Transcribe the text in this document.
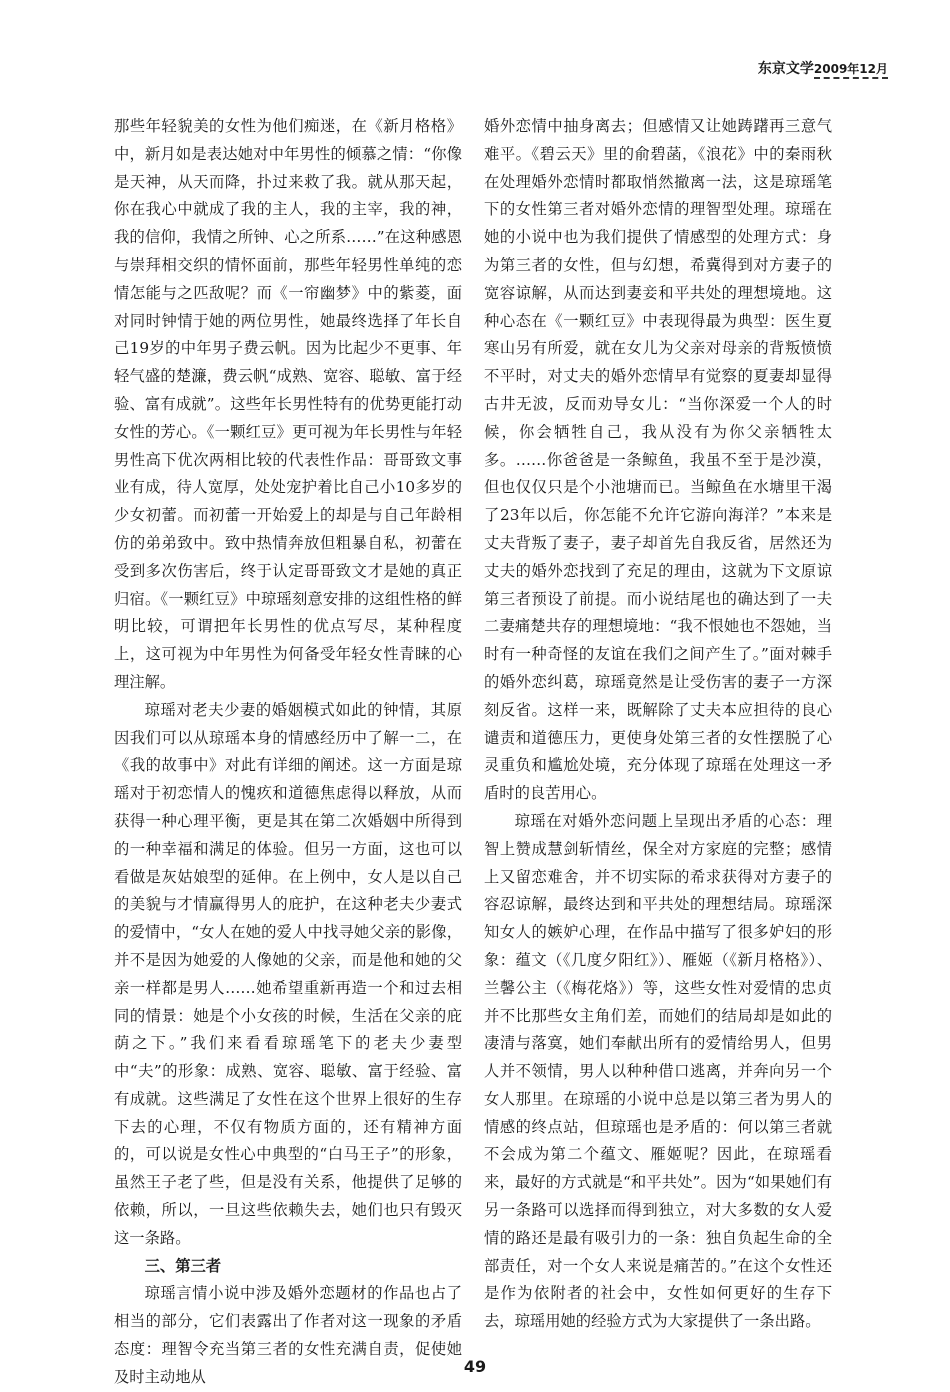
东京文学2009年12月

那些年轻貌美的女性为他们痴迷，在《新月格格》中，新月如是表达她对中年男性的倾慕之情：“你像是天神，从天而降，扑过来救了我。就从那天起，你在我心中就成了我的主人，我的主宰，我的神，我的信仰，我情之所钟、心之所系……”在这种感恩与崇拜相交织的情怀面前，那些年轻男性单纯的恋情怎能与之匹敌呢？而《一帘幽梦》中的紫菱，面对同时钟情于她的两位男性，她最终选择了年长自己19岁的中年男子费云帆。因为比起少不更事、年轻气盛的楚濂，费云帆“成熟、宽容、聪敏、富于经验、富有成就”。这些年长男性特有的优势更能打动女性的芳心。《一颗红豆》更可视为年长男性与年轻男性高下优次两相比较的代表性作品：哥哥致文事业有成，待人宽厚，处处宠护着比自己小10多岁的少女初蕾。而初蕾一开始爱上的却是与自己年龄相仿的弟弟致中。致中热情奔放但粗暴自私，初蕾在受到多次伤害后，终于认定哥哥致文才是她的真正归宿。《一颗红豆》中琼瑶刻意安排的这组性格的鲜明比较，可谓把年长男性的优点写尽，某种程度上，这可视为中年男性为何备受年轻女性青睐的心理注解。

琼瑶对老夫少妻的婚姻模式如此的钟情，其原因我们可以从琼瑶本身的情感经历中了解一二，在《我的故事中》对此有详细的阐述。这一方面是琼瑶对于初恋情人的愧疚和道德焦虑得以释放，从而获得一种心理平衡，更是其在第二次婚姻中所得到的一种幸福和满足的体验。但另一方面，这也可以看做是灰姑娘型的延伸。在上例中，女人是以自己的美貌与才情赢得男人的庇护，在这种老夫少妻式的爱情中，“女人在她的爱人中找寻她父亲的影像，并不是因为她爱的人像她的父亲，而是他和她的父亲一样都是男人……她希望重新再造一个和过去相同的情景：她是个小女孩的时候，生活在父亲的庇荫之下。”我们来看看琼瑶笔下的老夫少妻型中“夫”的形象：成熟、宽容、聪敏、富于经验、富有成就。这些满足了女性在这个世界上很好的生存下去的心理，不仅有物质方面的，还有精神方面的，可以说是女性心中典型的“白马王子”的形象，虽然王子老了些，但是没有关系，他提供了足够的依赖，所以，一旦这些依赖失去，她们也只有毁灭这一条路。

三、第三者

琼瑶言情小说中涉及婚外恋题材的作品也占了相当的部分，它们表露出了作者对这一现象的矛盾态度：理智令充当第三者的女性充满自责，促使她及时主动地从

婚外恋情中抽身离去；但感情又让她踌躇再三意气难平。《碧云天》里的俞碧菡，《浪花》中的秦雨秋在处理婚外恋情时都取悄然撤离一法，这是琼瑶笔下的女性第三者对婚外恋情的理智型处理。琼瑶在她的小说中也为我们提供了情感型的处理方式：身为第三者的女性，但与幻想，希冀得到对方妻子的宽容谅解，从而达到妻妾和平共处的理想境地。这种心态在《一颗红豆》中表现得最为典型：医生夏寒山另有所爱，就在女儿为父亲对母亲的背叛愤愤不平时，对丈夫的婚外恋情早有觉察的夏妻却显得古井无波，反而劝导女儿：“当你深爱一个人的时候，你会牺牲自己，我从没有为你父亲牺牲太多。……你爸爸是一条鲸鱼，我虽不至于是沙漠，但也仅仅只是个小池塘而已。当鲸鱼在水塘里干渴了23年以后，你怎能不允许它游向海洋？”本来是丈夫背叛了妻子，妻子却首先自我反省，居然还为丈夫的婚外恋找到了充足的理由，这就为下文原谅第三者预设了前提。而小说结尾也的确达到了一夫二妻痛楚共存的理想境地：“我不恨她也不怨她，当时有一种奇怪的友谊在我们之间产生了。”面对棘手的婚外恋纠葛，琼瑶竟然是让受伤害的妻子一方深刻反省。这样一来，既解除了丈夫本应担待的良心谴责和道德压力，更使身处第三者的女性摆脱了心灵重负和尴尬处境，充分体现了琼瑶在处理这一矛盾时的良苦用心。

琼瑶在对婚外恋问题上呈现出矛盾的心态：理智上赞成慧剑斩情丝，保全对方家庭的完整；感情上又留恋难舍，并不切实际的希求获得对方妻子的容忍谅解，最终达到和平共处的理想结局。琼瑶深知女人的嫉妒心理，在作品中描写了很多妒妇的形象：蕴文（《几度夕阳红》）、雁姬（《新月格格》）、兰馨公主（《梅花烙》）等，这些女性对爱情的忠贞并不比那些女主角们差，而她们的结局却是如此的凄清与落寞，她们奉献出所有的爱情给男人，但男人并不领情，男人以种种借口逃离，并奔向另一个女人那里。在琼瑶的小说中总是以第三者为男人的情感的终点站，但琼瑶也是矛盾的：何以第三者就不会成为第二个蕴文、雁姬呢？因此，在琼瑶看来，最好的方式就是“和平共处”。因为“如果她们有另一条路可以选择而得到独立，对大多数的女人爱情的路还是最有吸引力的一条：独自负起生命的全部责任，对一个女人来说是痛苦的。”在这个女性还是作为依附者的社会中，女性如何更好的生存下去，琼瑶用她的经验方式为大家提供了一条出路。

49
